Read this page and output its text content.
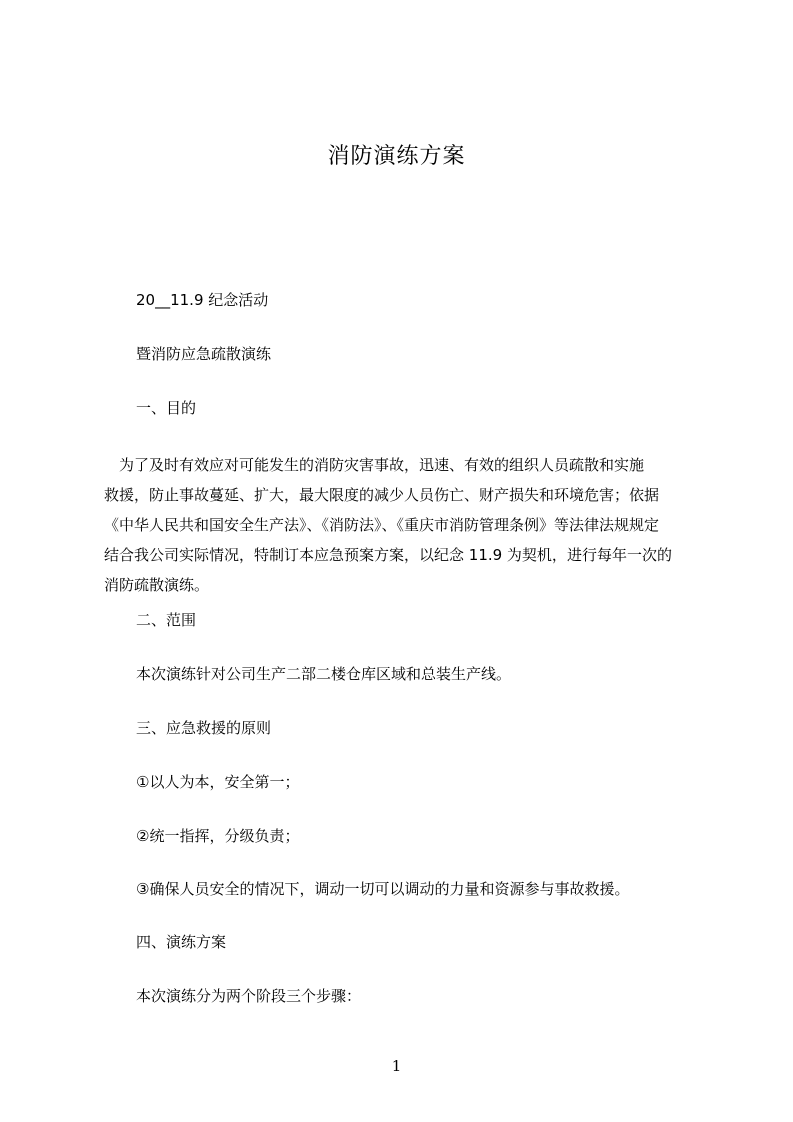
消防演练方案
20__11.9 纪念活动
暨消防应急疏散演练
一、目的
　为了及时有效应对可能发生的消防灾害事故，迅速、有效的组织人员疏散和实施
救援，防止事故蔓延、扩大，最大限度的减少人员伤亡、财产损失和环境危害；依据
《中华人民共和国安全生产法》、《消防法》、《重庆市消防管理条例》等法律法规规定
结合我公司实际情况，特制订本应急预案方案，以纪念 11.9 为契机，进行每年一次的
消防疏散演练。
二、范围
本次演练针对公司生产二部二楼仓库区域和总装生产线。
三、应急救援的原则
①以人为本，安全第一；
②统一指挥，分级负责；
③确保人员安全的情况下，调动一切可以调动的力量和资源参与事故救援。
四、演练方案
本次演练分为两个阶段三个步骤：
1
